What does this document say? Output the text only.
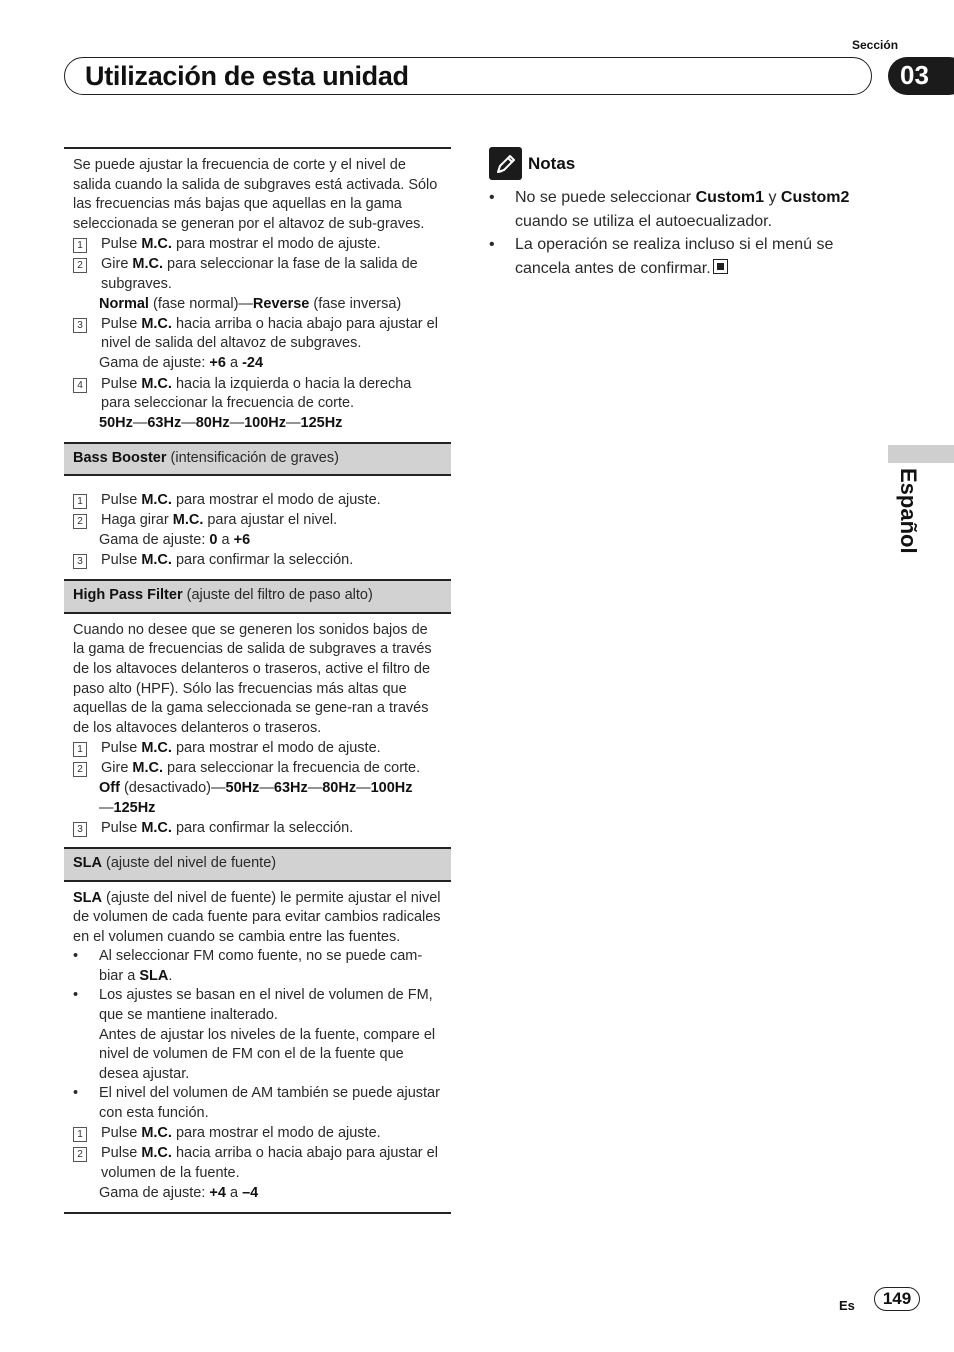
Sección
Utilización de esta unidad	03
Español

Se puede ajustar la frecuencia de corte y el nivel de salida cuando la salida de subgraves está activada. Sólo las frecuencias más bajas que aquellas en la gama seleccionada se generan por el altavoz de sub-graves.

1 Pulse M.C. para mostrar el modo de ajuste.
2 Gire M.C. para seleccionar la fase de la salida de subgraves.
Normal (fase normal)—Reverse (fase inversa)
3 Pulse M.C. hacia arriba o hacia abajo para ajustar el nivel de salida del altavoz de subgraves.
Gama de ajuste: +6 a -24
4 Pulse M.C. hacia la izquierda o hacia la derecha para seleccionar la frecuencia de corte.
50Hz—63Hz—80Hz—100Hz—125Hz
Bass Booster (intensificación de graves)
1 Pulse M.C. para mostrar el modo de ajuste.
2 Haga girar M.C. para ajustar el nivel.
Gama de ajuste: 0 a +6
3 Pulse M.C. para confirmar la selección.
High Pass Filter (ajuste del filtro de paso alto)

Cuando no desee que se generen los sonidos bajos de la gama de frecuencias de salida de subgraves a través de los altavoces delanteros o traseros, active el filtro de paso alto (HPF). Sólo las frecuencias más altas que aquellas de la gama seleccionada se gene-ran a través de los altavoces delanteros o traseros.

1 Pulse M.C. para mostrar el modo de ajuste.
2 Gire M.C. para seleccionar la frecuencia de corte.
Off (desactivado)—50Hz—63Hz—80Hz—100Hz
—125Hz
3 Pulse M.C. para confirmar la selección.
SLA (ajuste del nivel de fuente)

SLA (ajuste del nivel de fuente) le permite ajustar el nivel de volumen de cada fuente para evitar cambios radicales en el volumen cuando se cambia entre las fuentes.

•	Al seleccionar FM como fuente, no se puede cam-biar a SLA.
•	Los ajustes se basan en el nivel de volumen de FM, que se mantiene inalterado.
Antes de ajustar los niveles de la fuente, compare el nivel de volumen de FM con el de la fuente que desea ajustar.
•	El nivel del volumen de AM también se puede ajustar con esta función.
1 Pulse M.C. para mostrar el modo de ajuste.
2 Pulse M.C. hacia arriba o hacia abajo para ajustar el volumen de la fuente.
Gama de ajuste: +4 a –4
Notas
•	No se puede seleccionar Custom1 y Custom2 cuando se utiliza el autoecualizador.
•	La operación se realiza incluso si el menú se cancela antes de confirmar.
Es	149
